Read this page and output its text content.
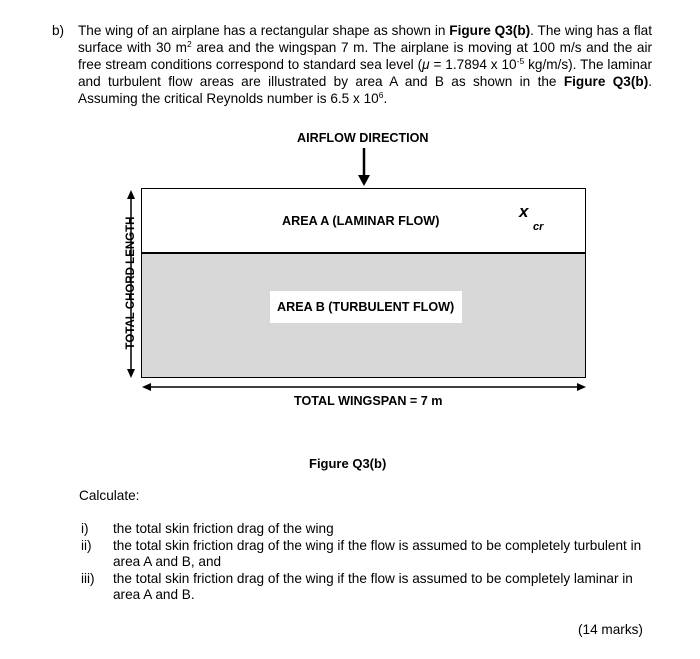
b) The wing of an airplane has a rectangular shape as shown in Figure Q3(b). The wing has a flat surface with 30 $m^2$ area and the wingspan 7 m. The airplane is moving at 100 m/s and the air free stream conditions correspond to standard sea level (μ = 1.7894 x $10^{-5}$ kg/m/s). The laminar and turbulent flow areas are illustrated by area A and B as shown in the Figure Q3(b). Assuming the critical Reynolds number is 6.5 x $10^6$.
AIRFLOW DIRECTION
AREA A (LAMINAR FLOW)
AREA B (TURBULENT FLOW)
x
cr
TOTAL CHORD LENGTH
TOTAL WINGSPAN = 7 m
Figure Q3(b)
Calculate:
i) the total skin friction drag of the wing
ii) the total skin friction drag of the wing if the flow is assumed to be completely turbulent in area A and B, and
iii) the total skin friction drag of the wing if the flow is assumed to be completely laminar in area A and B.
(14 marks)
